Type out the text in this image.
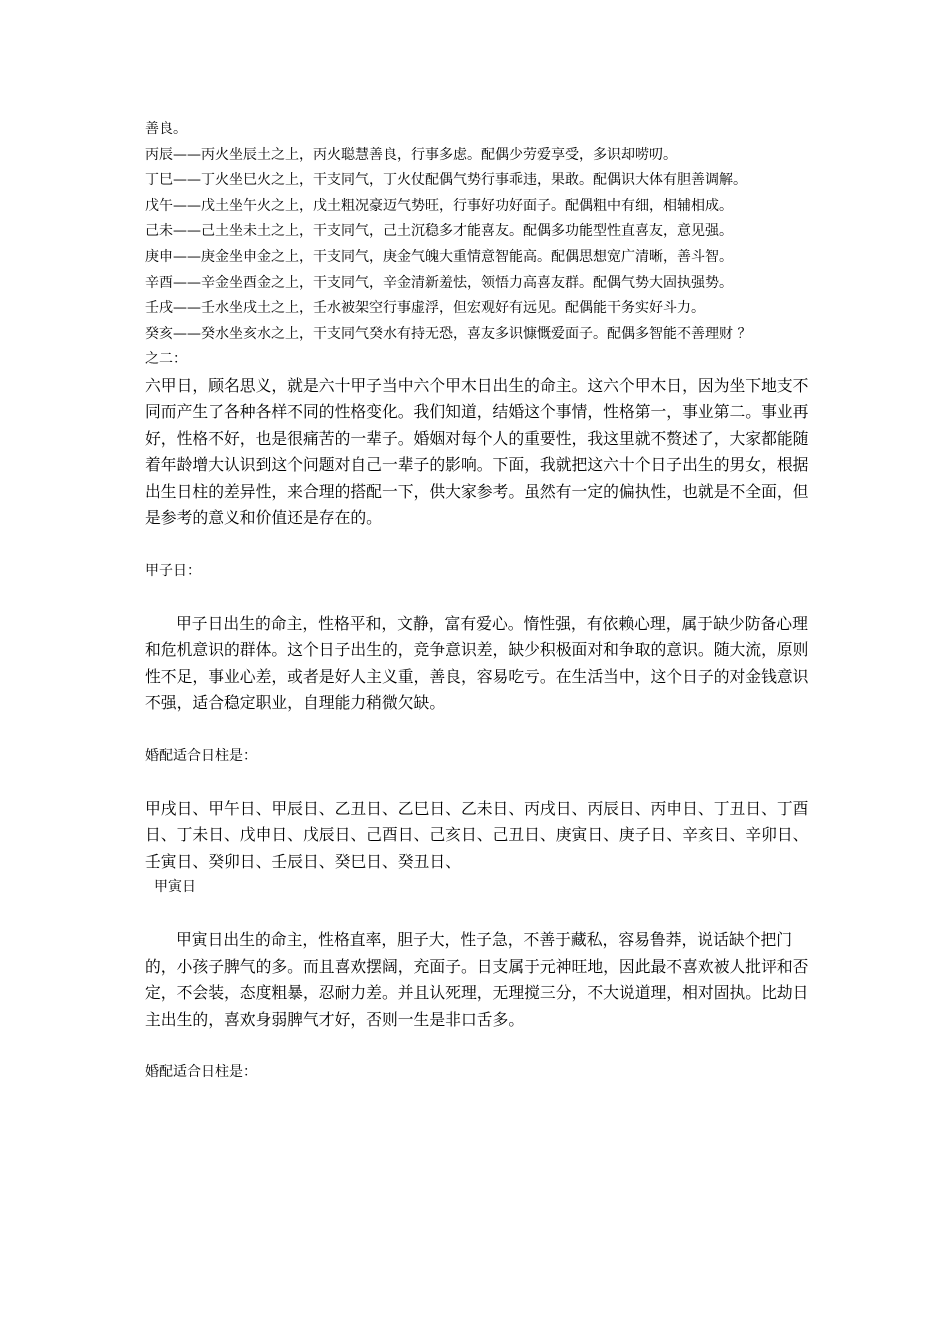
善良。

丙辰——丙火坐辰土之上，丙火聪慧善良，行事多虑。配偶少劳爱享受，多识却唠叨。

丁巳——丁火坐巳火之上，干支同气，丁火仗配偶气势行事乖违，果敢。配偶识大体有胆善调解。

戊午——戊土坐午火之上，戊土粗况豪迈气势旺，行事好功好面子。配偶粗中有细，相辅相成。

己未——己土坐未土之上，干支同气，己土沉稳多才能喜友。配偶多功能型性直喜友，意见强。

庚申——庚金坐申金之上，干支同气，庚金气魄大重情意智能高。配偶思想宽广清晰，善斗智。

辛酉——辛金坐酉金之上，干支同气，辛金清新羞怯，领悟力高喜友群。配偶气势大固执强势。

壬戌——壬水坐戌土之上，壬水被架空行事虚浮，但宏观好有远见。配偶能干务实好斗力。

癸亥——癸水坐亥水之上，干支同气癸水有持无恐，喜友多识慷慨爱面子。配偶多智能不善理财 ？

之二：

六甲日，顾名思义，就是六十甲子当中六个甲木日出生的命主。这六个甲木日，因为坐下地支不同而产生了各种各样不同的性格变化。我们知道，结婚这个事情，性格第一，事业第二。事业再好，性格不好，也是很痛苦的一辈子。婚姻对每个人的重要性，我这里就不赘述了，大家都能随着年龄增大认识到这个问题对自己一辈子的影响。下面，我就把这六十个日子出生的男女，根据出生日柱的差异性，来合理的搭配一下，供大家参考。虽然有一定的偏执性，也就是不全面，但是参考的意义和价值还是存在的。

甲子日：

甲子日出生的命主，性格平和，文静，富有爱心。惰性强，有依赖心理，属于缺少防备心理和危机意识的群体。这个日子出生的，竞争意识差，缺少积极面对和争取的意识。随大流，原则性不足，事业心差，或者是好人主义重，善良，容易吃亏。在生活当中，这个日子的对金钱意识不强，适合稳定职业，自理能力稍微欠缺。

婚配适合日柱是：

甲戌日、甲午日、甲辰日、乙丑日、乙巳日、乙未日、丙戌日、丙辰日、丙申日、丁丑日、丁酉日、丁未日、戊申日、戊辰日、己酉日、己亥日、己丑日、庚寅日、庚子日、辛亥日、辛卯日、壬寅日、癸卯日、壬辰日、癸巳日、癸丑日、

甲寅日

甲寅日出生的命主，性格直率，胆子大，性子急，不善于藏私，容易鲁莽，说话缺个把门的，小孩子脾气的多。而且喜欢摆阔，充面子。日支属于元神旺地，因此最不喜欢被人批评和否定，不会装，态度粗暴，忍耐力差。并且认死理，无理搅三分，不大说道理，相对固执。比劫日主出生的，喜欢身弱脾气才好，否则一生是非口舌多。

婚配适合日柱是：
